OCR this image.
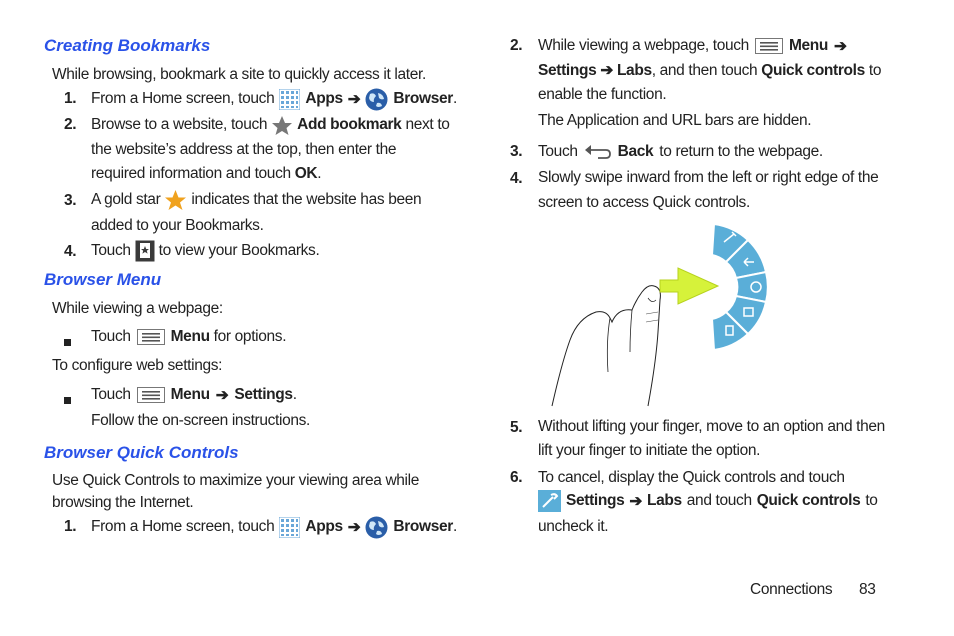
Creating Bookmarks
While browsing, bookmark a site to quickly access it later.
1. From a Home screen, touch Apps ➔ Browser.
2. Browse to a website, touch Add bookmark next to
the website’s address at the top, then enter the
required information and touch OK.
3. A gold star indicates that the website has been
added to your Bookmarks.
4. Touch to view your Bookmarks.
Browser Menu
While viewing a webpage:
Touch	Menu for options.
To configure web settings:
Touch	Menu ➔ Settings.
Follow the on-screen instructions.
Browser Quick Controls
Use Quick Controls to maximize your viewing area while
browsing the Internet.
1. From a Home screen, touch Apps ➔ Browser.
2. While viewing a webpage, touch	Menu ➔
Settings ➔ Labs, and then touch Quick controls to
enable the function.
The Application and URL bars are hidden.
3. Touch	Back to return to the webpage.
4. Slowly swipe inward from the left or right edge of the
screen to access Quick controls.
5. Without lifting your finger, move to an option and then
lift your finger to initiate the option.
6. To cancel, display the Quick controls and touch
Settings ➔ Labs and touch Quick controls to
uncheck it.
Connections 83
